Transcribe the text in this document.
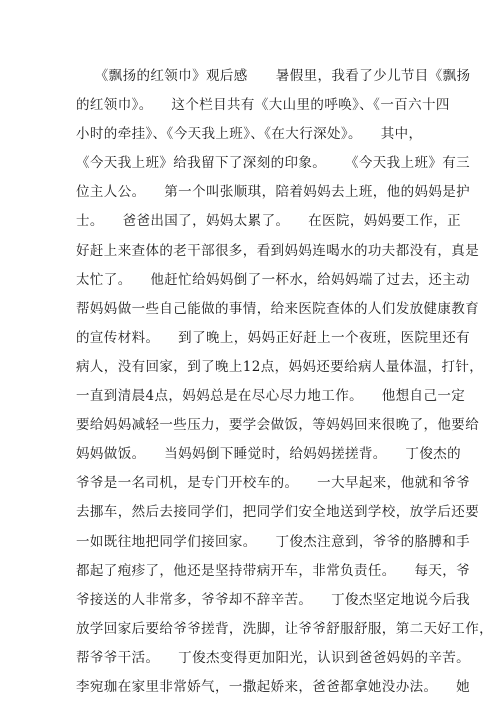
《飘扬的红领巾》观后感      暑假里，我看了少儿节目《飘扬
的红领巾》。    这个栏目共有《大山里的呼唤》、《一百六十四
小时的牵挂》、《今天我上班》、《在大行深处》。    其中，
《今天我上班》给我留下了深刻的印象。    《今天我上班》有三
位主人公。    第一个叫张顺琪，陪着妈妈去上班，他的妈妈是护
士。    爸爸出国了，妈妈太累了。    在医院，妈妈要工作，正
好赶上来查体的老干部很多，看到妈妈连喝水的功夫都没有，真是
太忙了。    他赶忙给妈妈倒了一杯水，给妈妈端了过去，还主动
帮妈妈做一些自己能做的事情，给来医院查体的人们发放健康教育
的宣传材料。    到了晚上，妈妈正好赶上一个夜班，医院里还有
病人，没有回家，到了晚上12点，妈妈还要给病人量体温，打针，
一直到清晨4点，妈妈总是在尽心尽力地工作。    他想自己一定
要给妈妈减轻一些压力，要学会做饭，等妈妈回来很晚了，他要给
妈妈做饭。    当妈妈倒下睡觉时，给妈妈搓搓背。    丁俊杰的
爷爷是一名司机，是专门开校车的。    一大早起来，他就和爷爷
去挪车，然后去接同学们，把同学们安全地送到学校，放学后还要
一如既往地把同学们接回家。    丁俊杰注意到，爷爷的胳膊和手
都起了疱疹了，他还是坚持带病开车，非常负责任。    每天，爷
爷接送的人非常多，爷爷却不辞辛苦。    丁俊杰坚定地说今后我
放学回家后要给爷爷搓背，洗脚，让爷爷舒服舒服，第二天好工作，
帮爷爷干活。    丁俊杰变得更加阳光，认识到爸爸妈妈的辛苦。
李宛珈在家里非常娇气，一撒起娇来，爸爸都拿她没办法。    她
